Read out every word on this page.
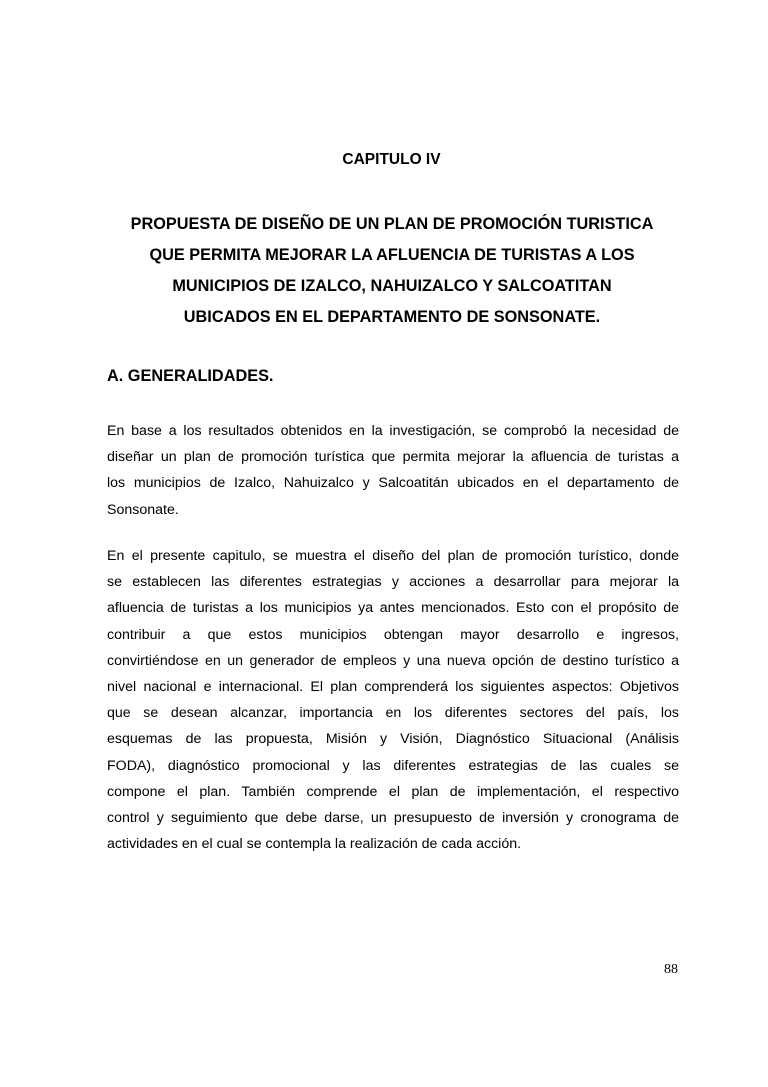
CAPITULO IV
PROPUESTA DE DISEÑO DE UN PLAN DE PROMOCIÓN TURISTICA
QUE PERMITA MEJORAR LA AFLUENCIA DE TURISTAS A LOS
MUNICIPIOS DE IZALCO, NAHUIZALCO Y SALCOATITAN
UBICADOS EN EL DEPARTAMENTO DE SONSONATE.
A. GENERALIDADES.
En base a los resultados obtenidos en la investigación, se comprobó la necesidad de
diseñar un plan de promoción turística que permita mejorar la afluencia de turistas a
los municipios de Izalco, Nahuizalco y Salcoatitán ubicados en el departamento de
Sonsonate.
En el presente capitulo, se muestra el diseño del plan de promoción turístico, donde
se establecen las diferentes estrategias y acciones a desarrollar para mejorar la
afluencia de turistas a los municipios ya antes mencionados. Esto con el propósito de
contribuir a que estos municipios obtengan mayor desarrollo e ingresos,
convirtiéndose en un generador de empleos y una nueva opción de destino turístico a
nivel nacional e internacional. El plan comprenderá los siguientes aspectos: Objetivos
que se desean alcanzar, importancia en los diferentes sectores del país, los
esquemas de las propuesta, Misión y Visión, Diagnóstico Situacional (Análisis
FODA), diagnóstico promocional y las diferentes estrategias de las cuales se
compone el plan. También comprende el plan de implementación, el respectivo
control y seguimiento que debe darse, un presupuesto de inversión y cronograma de
actividades en el cual se contempla la realización de cada acción.
88
